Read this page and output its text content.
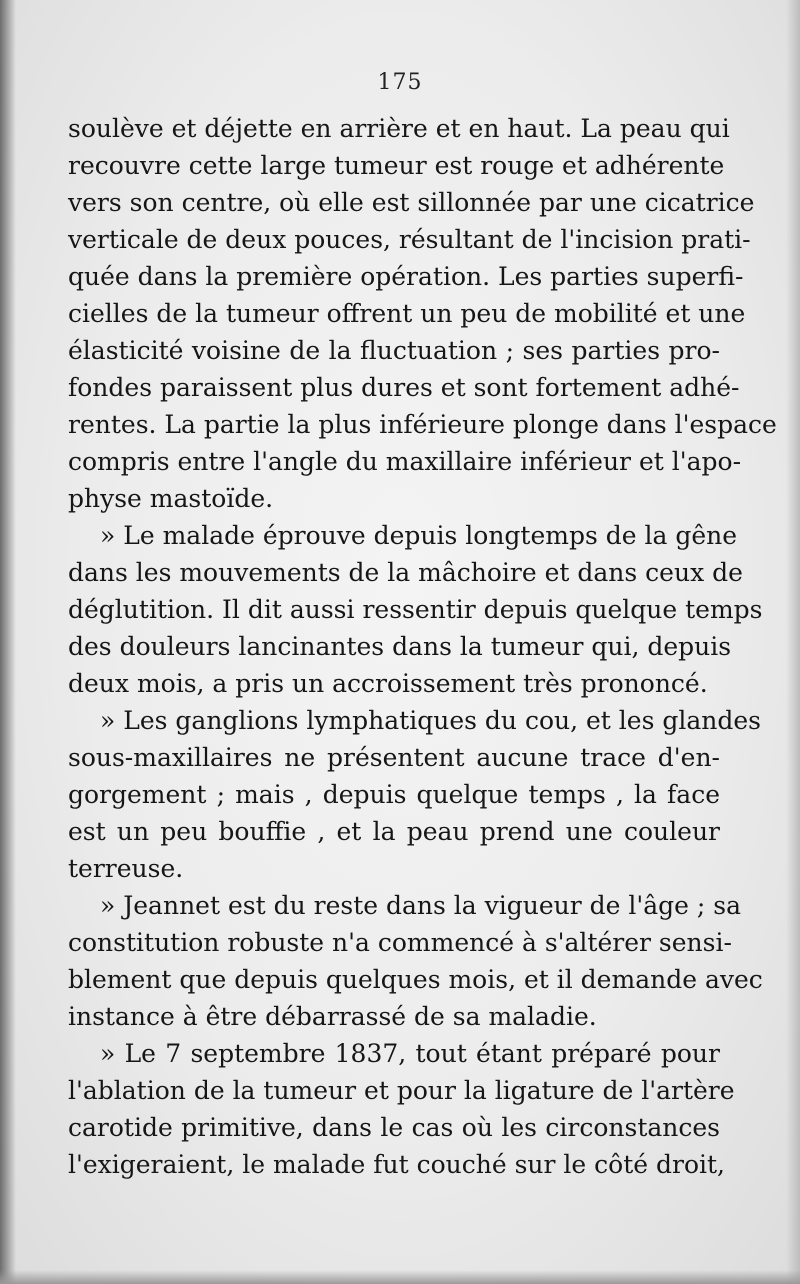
175
soulève et déjette en arrière et en haut. La peau qui
recouvre cette large tumeur est rouge et adhérente
vers son centre, où elle est sillonnée par une cicatrice
verticale de deux pouces, résultant de l'incision prati-
quée dans la première opération. Les parties superfi-
cielles de la tumeur offrent un peu de mobilité et une
élasticité voisine de la fluctuation ; ses parties pro-
fondes paraissent plus dures et sont fortement adhé-
rentes. La partie la plus inférieure plonge dans l'espace
compris entre l'angle du maxillaire inférieur et l'apo-
physe mastoïde.
» Le malade éprouve depuis longtemps de la gêne
dans les mouvements de la mâchoire et dans ceux de
déglutition. Il dit aussi ressentir depuis quelque temps
des douleurs lancinantes dans la tumeur qui, depuis
deux mois, a pris un accroissement très prononcé.
» Les ganglions lymphatiques du cou, et les glandes
sous-maxillaires ne présentent aucune trace d'en-
gorgement ; mais , depuis quelque temps , la face
est un peu bouffie , et la peau prend une couleur
terreuse.
» Jeannet est du reste dans la vigueur de l'âge ; sa
constitution robuste n'a commencé à s'altérer sensi-
blement que depuis quelques mois, et il demande avec
instance à être débarrassé de sa maladie.
» Le 7 septembre 1837, tout étant préparé pour
l'ablation de la tumeur et pour la ligature de l'artère
carotide primitive, dans le cas où les circonstances
l'exigeraient, le malade fut couché sur le côté droit,
